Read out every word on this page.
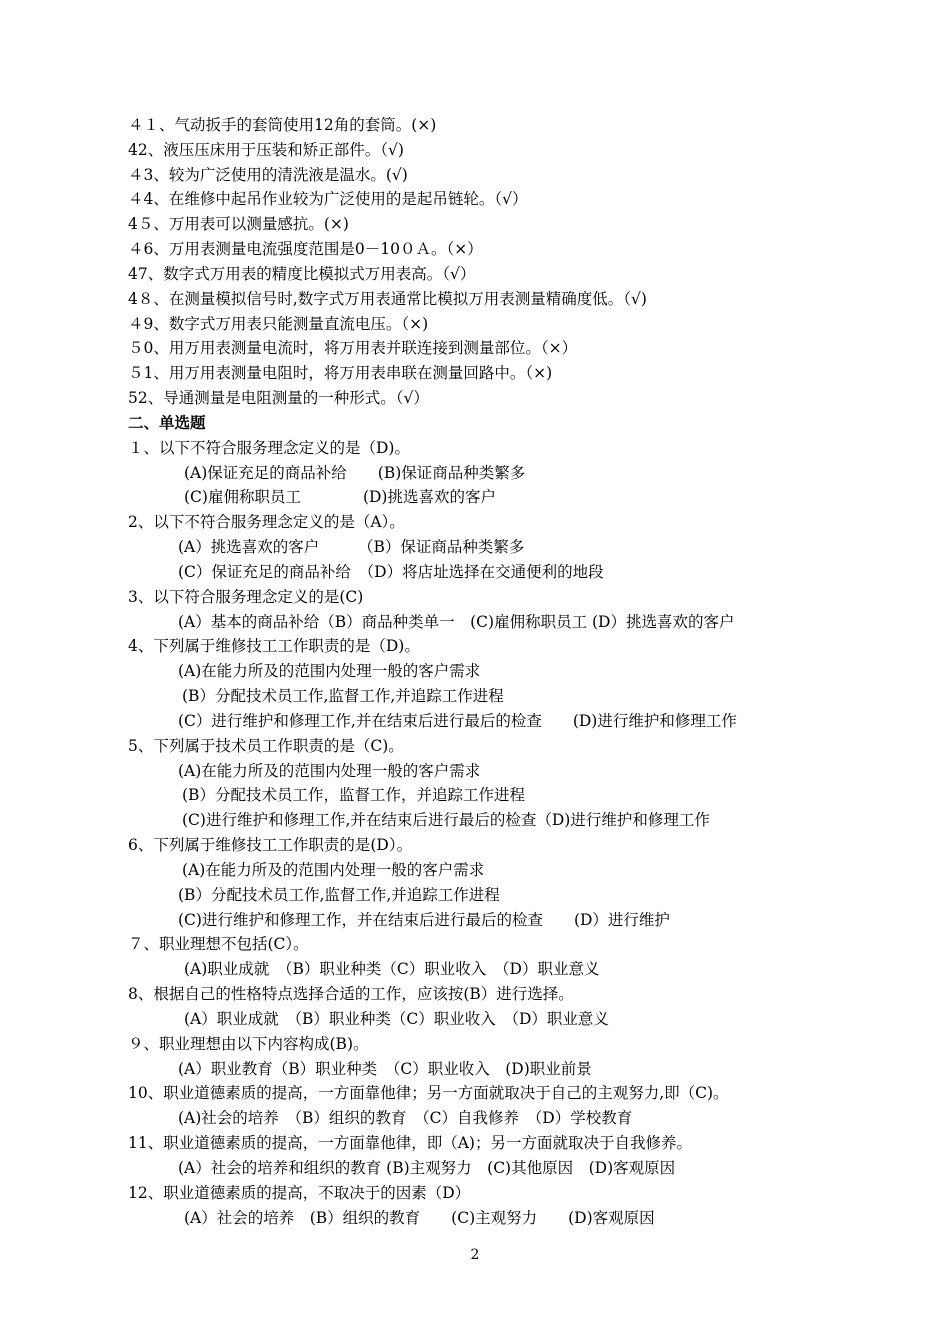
４１、气动扳手的套筒使用12角的套筒。(×)
42、液压压床用于压装和矫正部件。（√)
４3、较为广泛使用的清洗液是温水。(√)
４4、在维修中起吊作业较为广泛使用的是起吊链轮。（√）
4５、万用表可以测量感抗。(×)
４6、万用表测量电流强度范围是0－10０Ａ。（×）
47、数字式万用表的精度比模拟式万用表高。（√）
4８、在测量模拟信号时,数字式万用表通常比模拟万用表测量精确度低。（√)
４9、数字式万用表只能测量直流电压。（×)
５0、用万用表测量电流时，将万用表并联连接到测量部位。（×）
５1、用万用表测量电阻时，将万用表串联在测量回路中。（×)
52、导通测量是电阻测量的一种形式。（√）
二、单选题
１、以下不符合服务理念定义的是（D)。
(A)保证充足的商品补给　　(B)保证商品种类繁多
(C)雇佣称职员工　　　　(D)挑选喜欢的客户
2、以下不符合服务理念定义的是（A）。
(A）挑选喜欢的客户　　　（B）保证商品种类繁多
(C）保证充足的商品补给　（D）将店址选择在交通便利的地段
3、以下符合服务理念定义的是(C)
(A）基本的商品补给（B）商品种类单一　(C)雇佣称职员工 (D）挑选喜欢的客户
4、下列属于维修技工工作职责的是（D)。
(A)在能力所及的范围内处理一般的客户需求
(B）分配技术员工作,监督工作,并追踪工作进程
(C）进行维护和修理工作,并在结束后进行最后的检查　　(D)进行维护和修理工作
5、下列属于技术员工作职责的是（C)。
(A)在能力所及的范围内处理一般的客户需求
(B）分配技术员工作，监督工作，并追踪工作进程
(C)进行维护和修理工作,并在结束后进行最后的检查（D)进行维护和修理工作
6、下列属于维修技工工作职责的是(D）。
(A)在能力所及的范围内处理一般的客户需求
(B）分配技术员工作,监督工作,并追踪工作进程
(C)进行维护和修理工作，并在结束后进行最后的检查　　(D）进行维护
７、职业理想不包括(C）。
(A)职业成就　（B）职业种类（C）职业收入　（D）职业意义
8、根据自己的性格特点选择合适的工作，应该按(B）进行选择。
(A）职业成就　（B）职业种类（C）职业收入　（D）职业意义
９、职业理想由以下内容构成(B)。
(A）职业教育（B）职业种类　（C）职业收入　(D)职业前景
10、职业道德素质的提高，一方面靠他律；另一方面就取决于自己的主观努力,即（C)。
(A)社会的培养　（B）组织的教育　（C）自我修养　（D）学校教育
11、职业道德素质的提高，一方面靠他律，即（A)；另一方面就取决于自我修养。
(A）社会的培养和组织的教育 (B)主观努力　(C)其他原因　(D)客观原因
12、职业道德素质的提高，不取决于的因素（D）
(A）社会的培养　(B）组织的教育　　(C)主观努力　　(D)客观原因
2
